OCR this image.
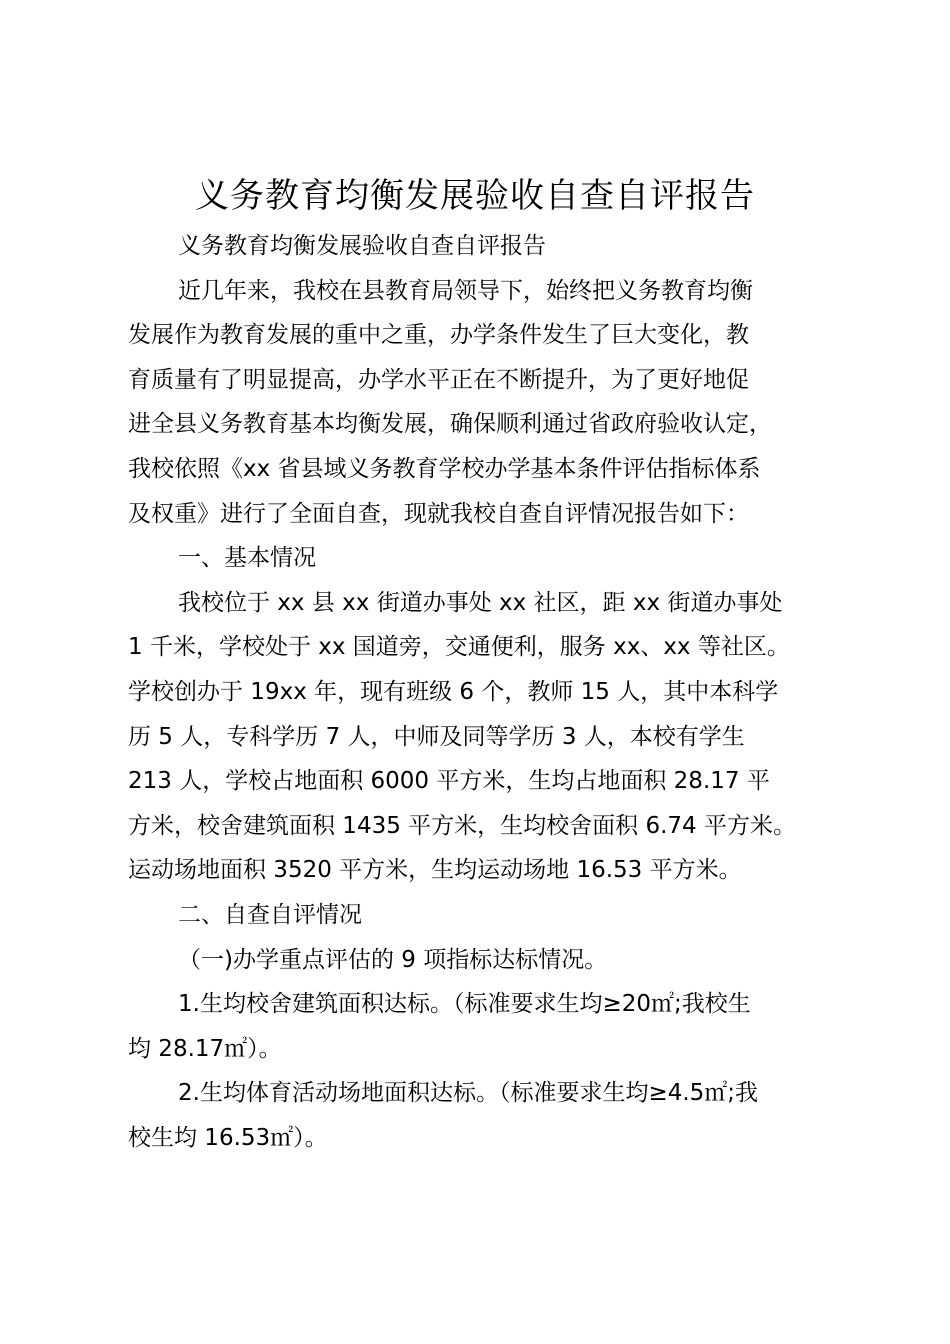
义务教育均衡发展验收自查自评报告
义务教育均衡发展验收自查自评报告
近几年来，我校在县教育局领导下，始终把义务教育均衡
发展作为教育发展的重中之重，办学条件发生了巨大变化，教
育质量有了明显提高，办学水平正在不断提升，为了更好地促
进全县义务教育基本均衡发展，确保顺利通过省政府验收认定，
我校依照《xx 省县域义务教育学校办学基本条件评估指标体系
及权重》进行了全面自查，现就我校自查自评情况报告如下：
一、基本情况
我校位于 xx 县 xx 街道办事处 xx 社区，距 xx 街道办事处
1 千米，学校处于 xx 国道旁，交通便利，服务 xx、xx 等社区。
学校创办于 19xx 年，现有班级 6 个，教师 15 人，其中本科学
历 5 人，专科学历 7 人，中师及同等学历 3 人，本校有学生
213 人，学校占地面积 6000 平方米，生均占地面积 28.17 平
方米，校舍建筑面积 1435 平方米，生均校舍面积 6.74 平方米。
运动场地面积 3520 平方米，生均运动场地 16.53 平方米。
二、自查自评情况
（一)办学重点评估的 9 项指标达标情况。
1.生均校舍建筑面积达标。（标准要求生均≥20㎡;我校生
均 28.17㎡）。
2.生均体育活动场地面积达标。（标准要求生均≥4.5㎡;我
校生均 16.53㎡）。
